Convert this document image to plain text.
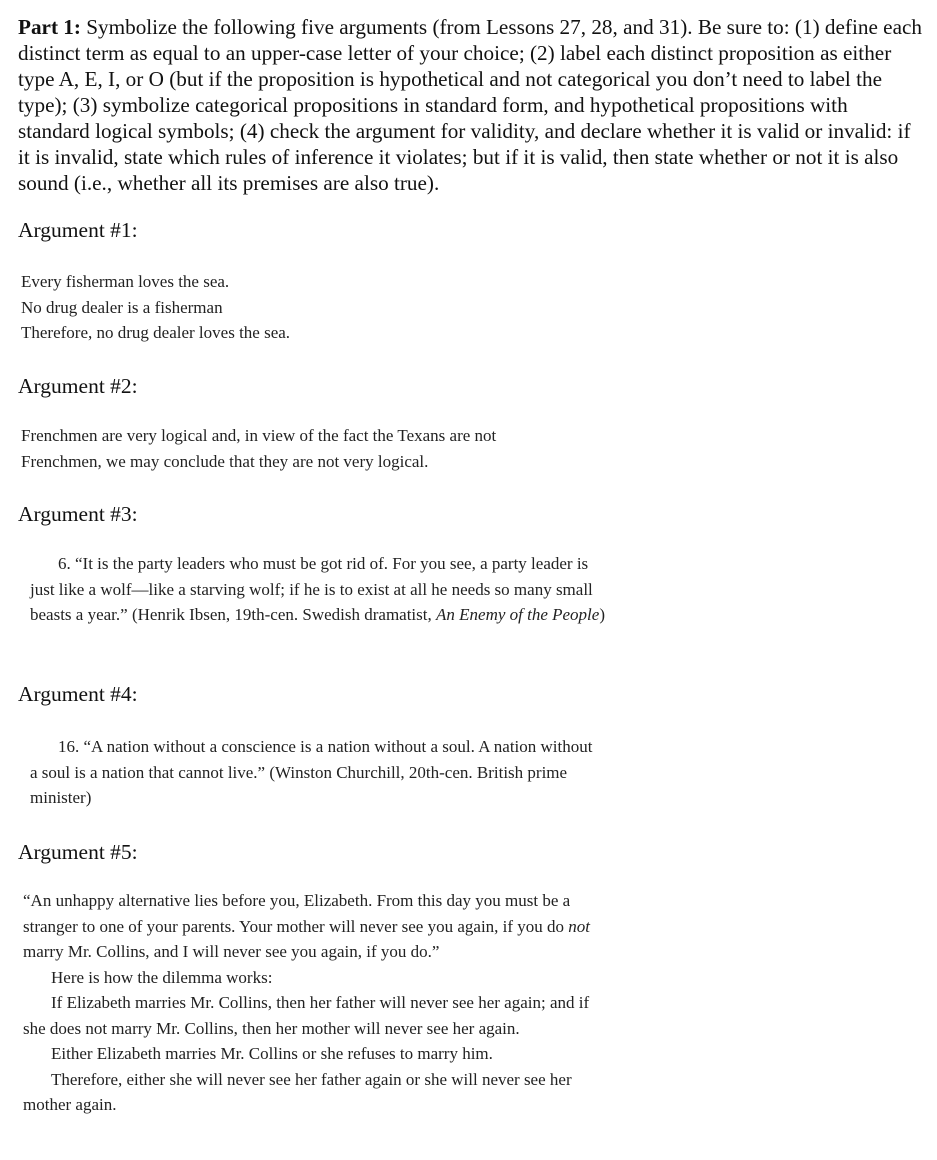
Part 1: Symbolize the following five arguments (from Lessons 27, 28, and 31). Be sure to: (1) define each distinct term as equal to an upper-case letter of your choice; (2) label each distinct proposition as either type A, E, I, or O (but if the proposition is hypothetical and not categorical you don’t need to label the type); (3) symbolize categorical propositions in standard form, and hypothetical propositions with standard logical symbols; (4) check the argument for validity, and declare whether it is valid or invalid: if it is invalid, state which rules of inference it violates; but if it is valid, then state whether or not it is also sound (i.e., whether all its premises are also true).

Argument #1:

Every fisherman loves the sea.

No drug dealer is a fisherman

Therefore, no drug dealer loves the sea.

Argument #2:

Frenchmen are very logical and, in view of the fact the Texans are not Frenchmen, we may conclude that they are not very logical.

Argument #3:

6. “It is the party leaders who must be got rid of. For you see, a party leader is just like a wolf—like a starving wolf; if he is to exist at all he needs so many small beasts a year.” (Henrik Ibsen, 19th-cen. Swedish dramatist, An Enemy of the People)

Argument #4:

16. “A nation without a conscience is a nation without a soul. A nation without a soul is a nation that cannot live.” (Winston Churchill, 20th-cen. British prime minister)

Argument #5:

“An unhappy alternative lies before you, Elizabeth. From this day you must be a stranger to one of your parents. Your mother will never see you again, if you do not marry Mr. Collins, and I will never see you again, if you do.”

Here is how the dilemma works:

If Elizabeth marries Mr. Collins, then her father will never see her again; and if she does not marry Mr. Collins, then her mother will never see her again.

Either Elizabeth marries Mr. Collins or she refuses to marry him.

Therefore, either she will never see her father again or she will never see her mother again.
